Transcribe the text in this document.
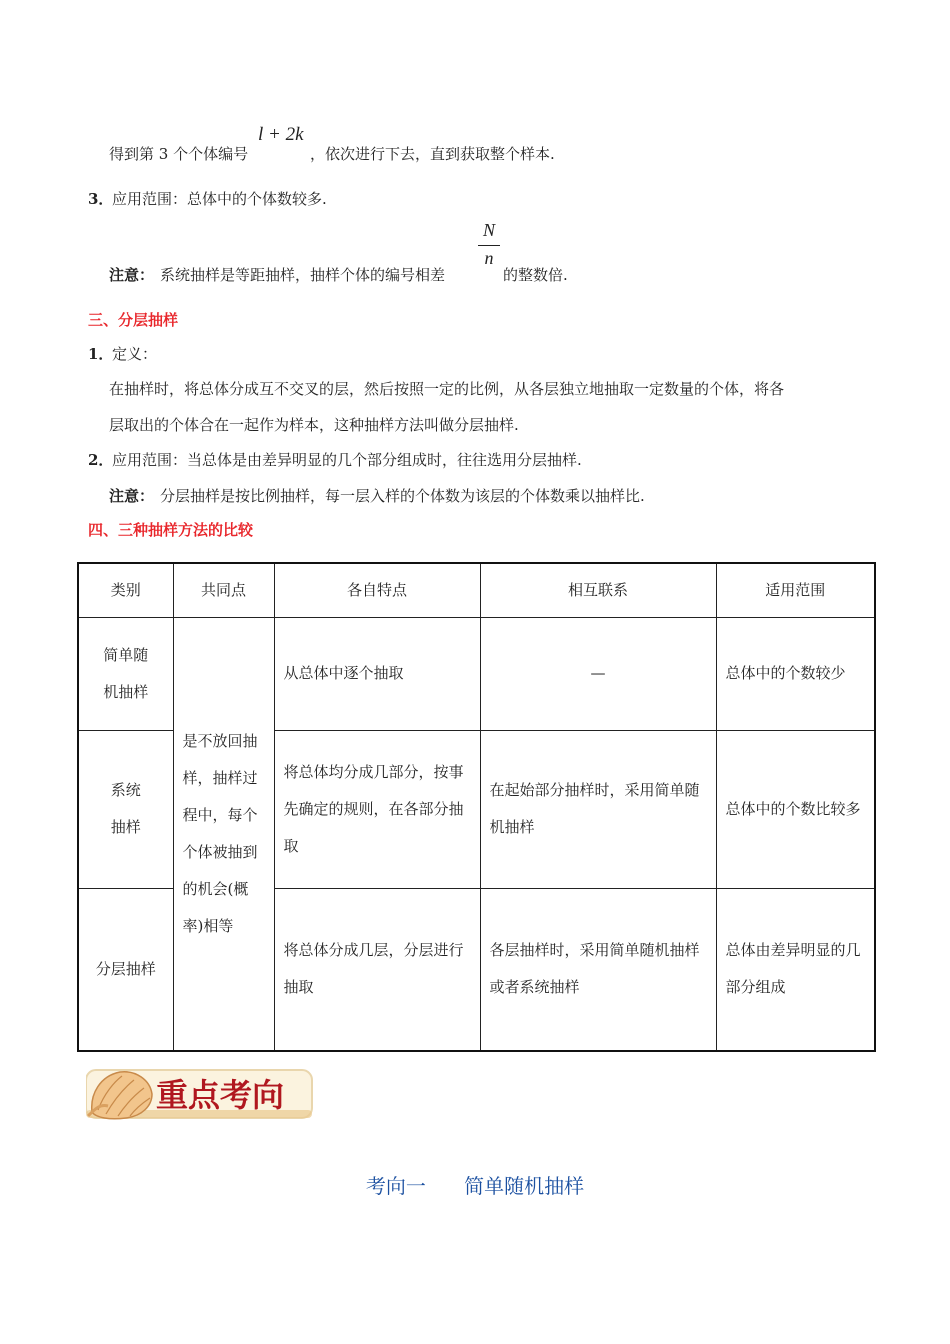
得到第 3 个个体编号
l + 2k
，依次进行下去，直到获取整个样本.
3．
应用范围：总体中的个体数较多.
注意： 系统抽样是等距抽样，抽样个体的编号相差
N
n
的整数倍.
三、分层抽样
1．
定义：
在抽样时，将总体分成互不交叉的层，然后按照一定的比例，从各层独立地抽取一定数量的个体，将各
层取出的个体合在一起作为样本，这种抽样方法叫做分层抽样.
2．
应用范围：当总体是由差异明显的几个部分组成时，往往选用分层抽样.
注意： 分层抽样是按比例抽样，每一层入样的个体数为该层的个体数乘以抽样比.
四、三种抽样方法的比较
类别	共同点	各自特点	相互联系	适用范围
简单随机抽样	是不放回抽样，抽样过程中，每个个体被抽到的机会(概率)相等	从总体中逐个抽取	—	总体中的个数较少
系统抽样		将总体均分成几部分，按事先确定的规则，在各部分抽取	在起始部分抽样时，采用简单随机抽样	总体中的个数比较多
分层抽样		将总体分成几层，分层进行抽取	各层抽样时，采用简单随机抽样或者系统抽样	总体由差异明显的几部分组成
重点考向
考向一      简单随机抽样
